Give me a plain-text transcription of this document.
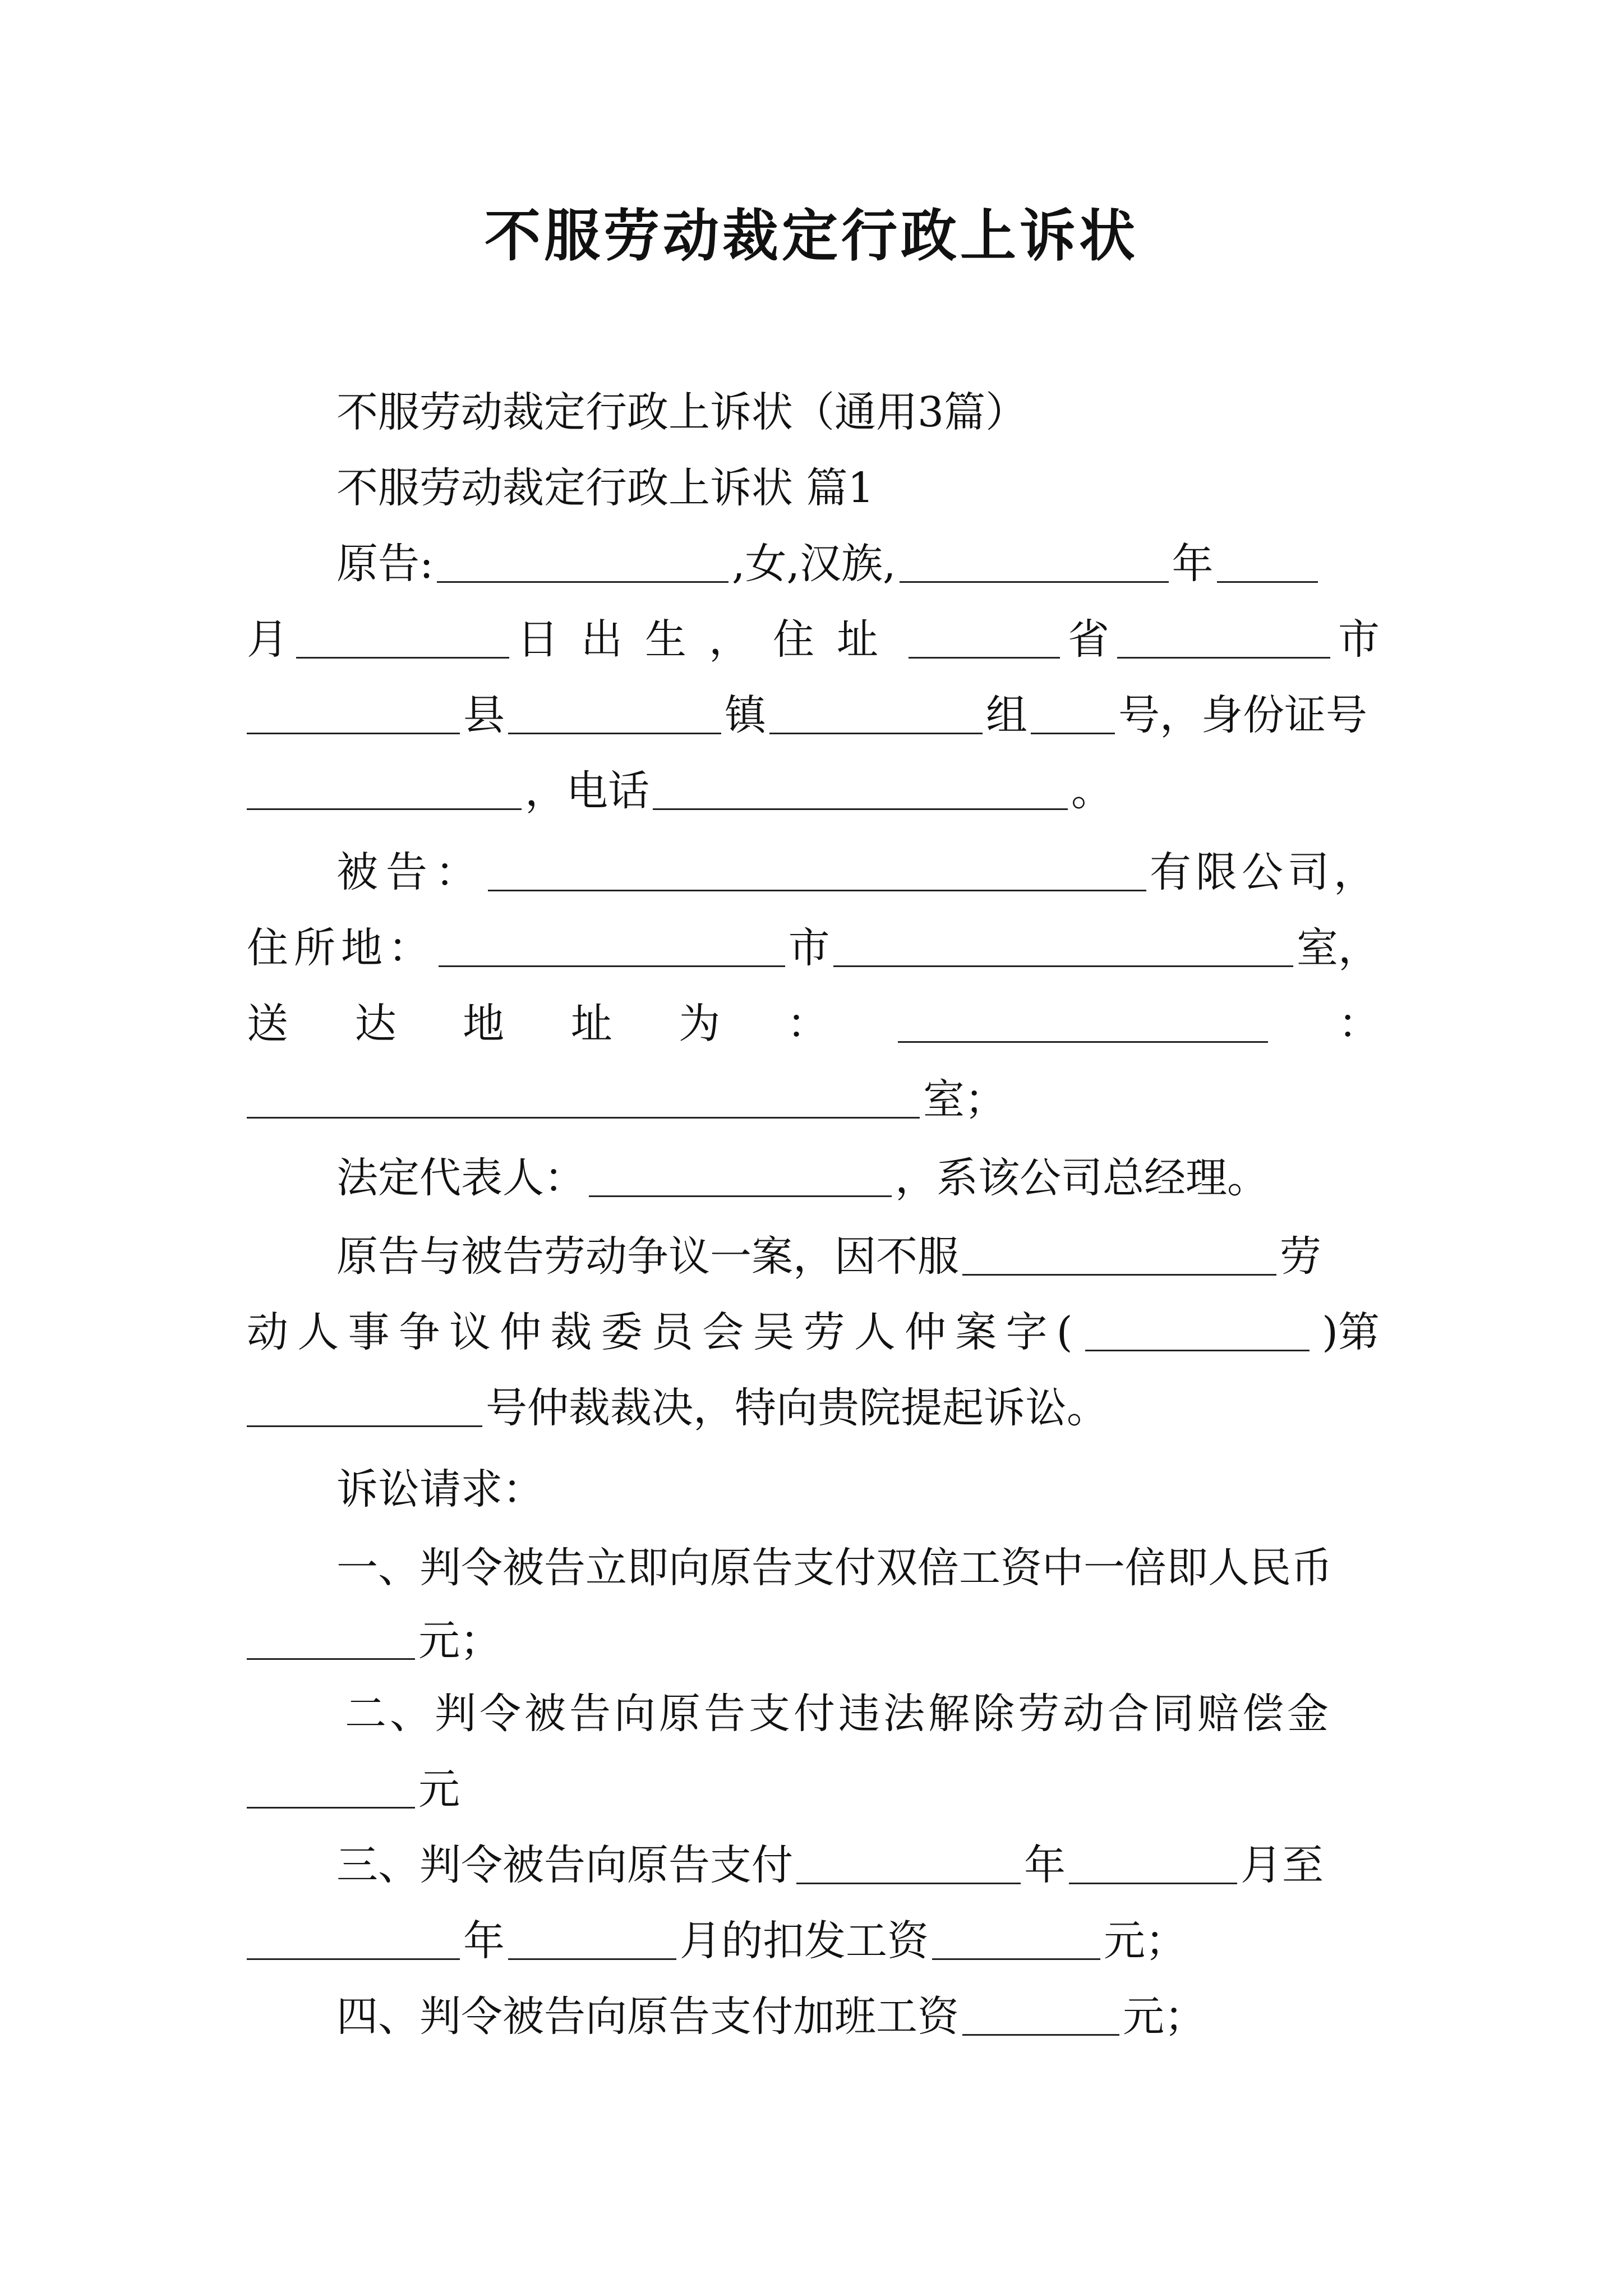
不服劳动裁定行政上诉状
不服劳动裁定行政上诉状（通用3篇）
不服劳动裁定行政上诉状 篇1
原告:	,女, 汉族,	年
月	日出生，住址	省	市
县	镇	组 号，身份证号
，电话	。
被告：	有限公司，
住所地：	市	室，
送 达 地 址 为 ：	：
室；
法定代表人：	，系该公司总经理。
原告与被告劳动争议一案，因不服	劳
动 人 事 争 议 仲 裁 委 员 会 吴 劳 人 仲 案 字 (	)第
号仲裁裁决，特向贵院提起诉讼。
诉讼请求：
一、判令被告立即向原告支付双倍工资中一倍即人民币
元；
二、判令被告向原告支付违法解除劳动合同赔偿金
元
三、判令被告向原告支付	年	月至
年	月的扣发工资	元；
四、判令被告向原告支付加班工资	元；
